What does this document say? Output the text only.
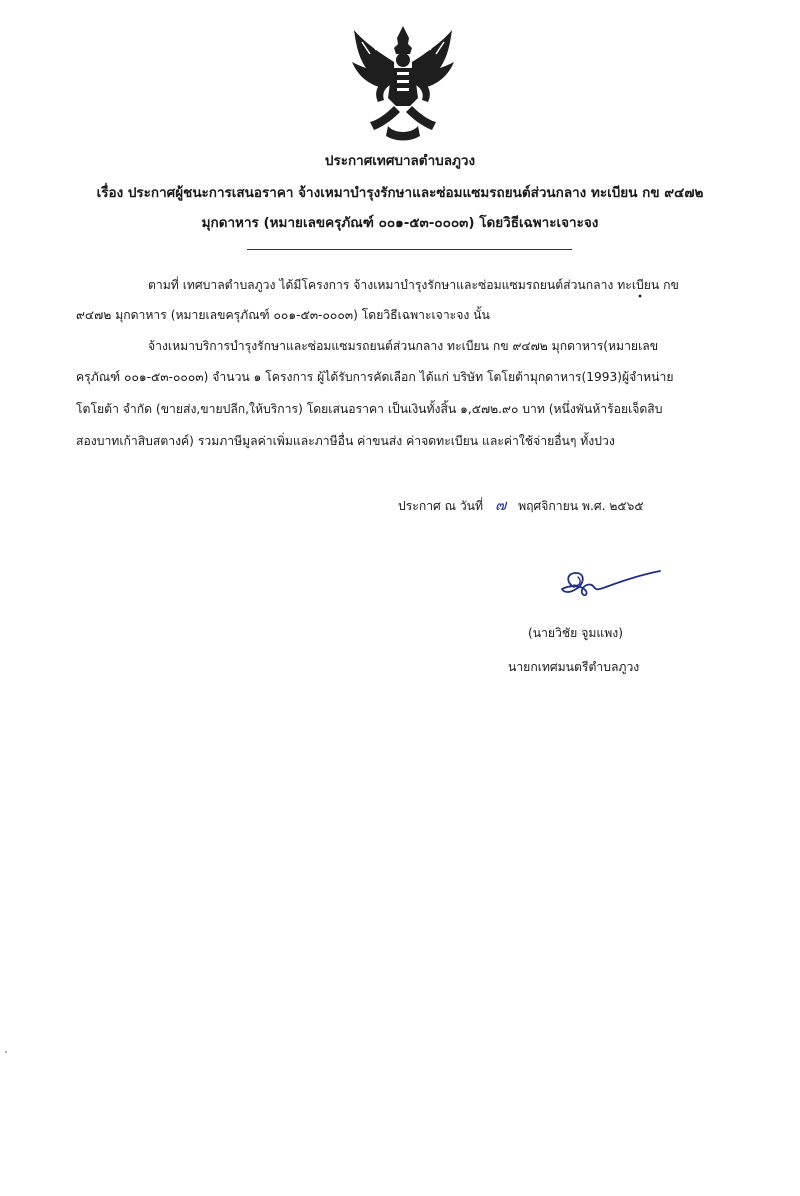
ประกาศเทศบาลตำบลภูวง
เรื่อง ประกาศผู้ชนะการเสนอราคา จ้างเหมาบำรุงรักษาและซ่อมแซมรถยนต์ส่วนกลาง ทะเบียน กข ๙๔๗๒
มุกดาหาร (หมายเลขครุภัณฑ์ ๐๐๑-๕๓-๐๐๐๓) โดยวิธีเฉพาะเจาะจง
ตามที่ เทศบาลตำบลภูวง ได้มีโครงการ จ้างเหมาบำรุงรักษาและซ่อมแซมรถยนต์ส่วนกลาง ทะเบียน กข
๙๔๗๒ มุกดาหาร (หมายเลขครุภัณฑ์ ๐๐๑-๕๓-๐๐๐๓) โดยวิธีเฉพาะเจาะจง นั้น
จ้างเหมาบริการบำรุงรักษาและซ่อมแซมรถยนต์ส่วนกลาง ทะเบียน กข ๙๔๗๒ มุกดาหาร(หมายเลข
ครุภัณฑ์ ๐๐๑-๕๓-๐๐๐๓) จำนวน ๑ โครงการ ผู้ได้รับการคัดเลือก ได้แก่ บริษัท โตโยต้ามุกดาหาร(1993)ผู้จำหน่าย
โตโยต้า จำกัด (ขายส่ง,ขายปลีก,ให้บริการ) โดยเสนอราคา เป็นเงินทั้งสิ้น ๑,๕๗๒.๙๐ บาท (หนึ่งพันห้าร้อยเจ็ดสิบ
สองบาทเก้าสิบสตางค์) รวมภาษีมูลค่าเพิ่มและภาษีอื่น ค่าขนส่ง ค่าจดทะเบียน และค่าใช้จ่ายอื่นๆ ทั้งปวง
ประกาศ ณ วันที่ ๗ พฤศจิกายน พ.ศ. ๒๕๖๕
(นายวิชัย จูมแพง)
นายกเทศมนตรีตำบลภูวง
